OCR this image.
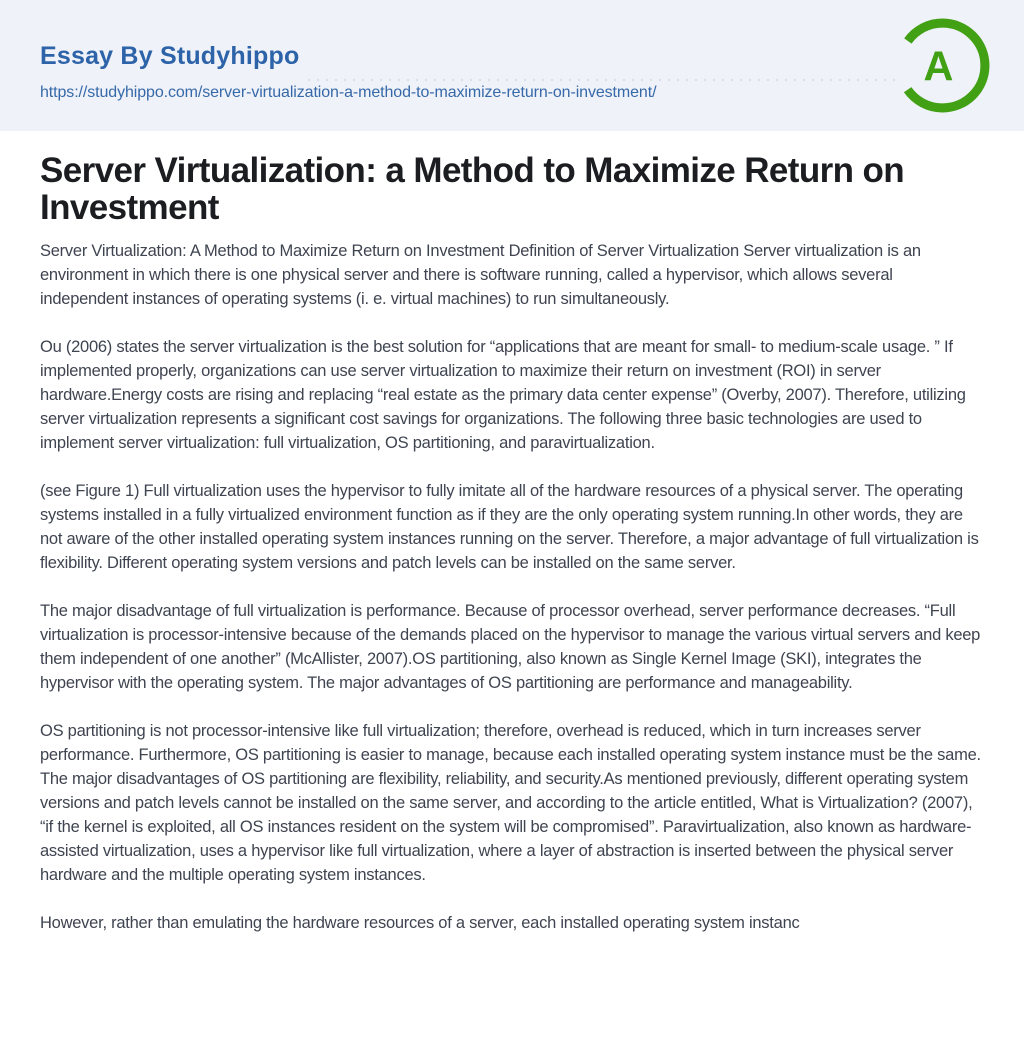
Essay By Studyhippo
https://studyhippo.com/server-virtualization-a-method-to-maximize-return-on-investment/
A
Server Virtualization: a Method to Maximize Return on Investment

Server Virtualization: A Method to Maximize Return on Investment Definition of Server Virtualization Server virtualization is an environment in which there is one physical server and there is software running, called a hypervisor, which allows several independent instances of operating systems (i. e. virtual machines) to run simultaneously.

Ou (2006) states the server virtualization is the best solution for “applications that are meant for small- to medium-scale usage. ” If implemented properly, organizations can use server virtualization to maximize their return on investment (ROI) in server hardware.Energy costs are rising and replacing “real estate as the primary data center expense” (Overby, 2007). Therefore, utilizing server virtualization represents a significant cost savings for organizations. The following three basic technologies are used to implement server virtualization: full virtualization, OS partitioning, and paravirtualization.

(see Figure 1) Full virtualization uses the hypervisor to fully imitate all of the hardware resources of a physical server. The operating systems installed in a fully virtualized environment function as if they are the only operating system running.In other words, they are not aware of the other installed operating system instances running on the server. Therefore, a major advantage of full virtualization is flexibility. Different operating system versions and patch levels can be installed on the same server.

The major disadvantage of full virtualization is performance. Because of processor overhead, server performance decreases. “Full virtualization is processor-intensive because of the demands placed on the hypervisor to manage the various virtual servers and keep them independent of one another” (McAllister, 2007).OS partitioning, also known as Single Kernel Image (SKI), integrates the hypervisor with the operating system. The major advantages of OS partitioning are performance and manageability.

OS partitioning is not processor-intensive like full virtualization; therefore, overhead is reduced, which in turn increases server performance. Furthermore, OS partitioning is easier to manage, because each installed operating system instance must be the same. The major disadvantages of OS partitioning are flexibility, reliability, and security.As mentioned previously, different operating system versions and patch levels cannot be installed on the same server, and according to the article entitled, What is Virtualization? (2007), “if the kernel is exploited, all OS instances resident on the system will be compromised”. Paravirtualization, also known as hardware-assisted virtualization, uses a hypervisor like full virtualization, where a layer of abstraction is inserted between the physical server hardware and the multiple operating system instances.

However, rather than emulating the hardware resources of a server, each installed operating system instanc
